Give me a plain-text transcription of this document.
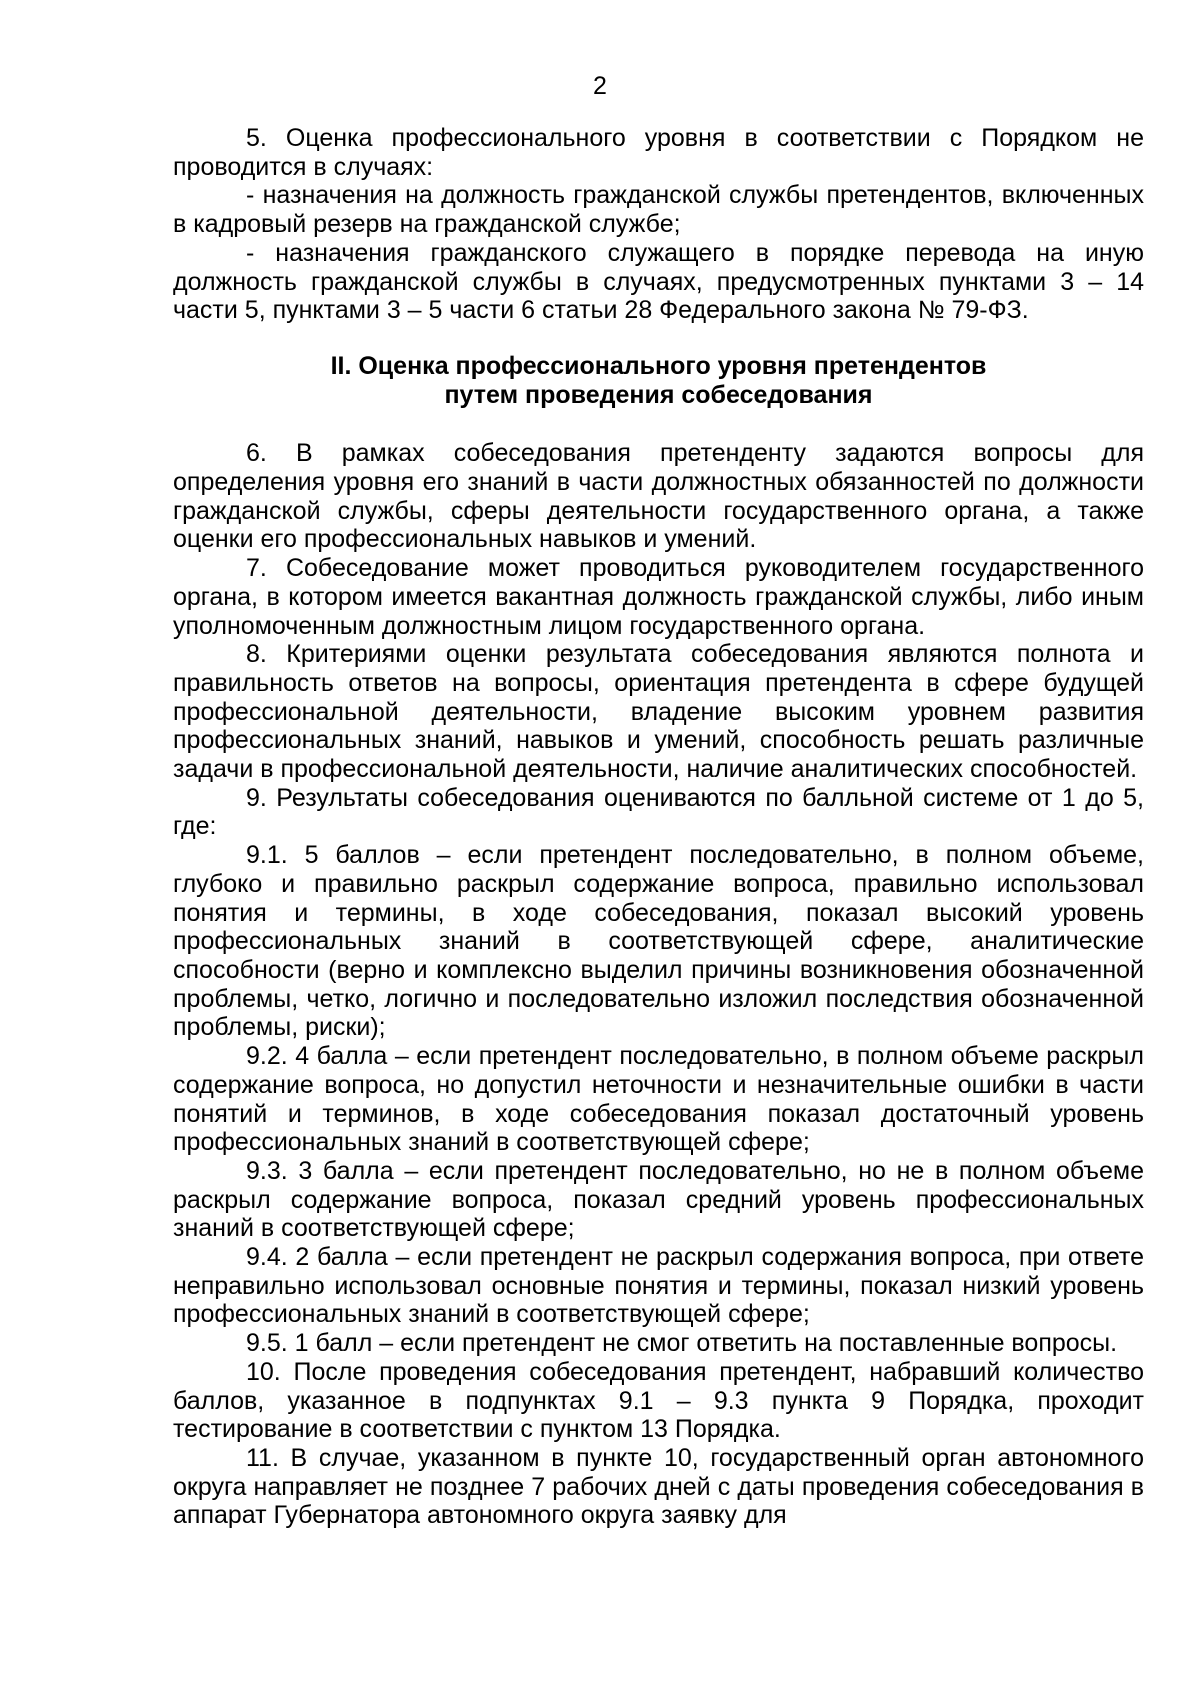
2

5. Оценка профессионального уровня в соответствии с Порядком не проводится в случаях:

- назначения на должность гражданской службы претендентов, включенных в кадровый резерв на гражданской службе;

- назначения гражданского служащего в порядке перевода на иную должность гражданской службы в случаях, предусмотренных пунктами 3 – 14 части 5, пунктами 3 – 5 части 6 статьи 28 Федерального закона № 79-ФЗ.

II. Оценка профессионального уровня претендентов
путем проведения собеседования

6. В рамках собеседования претенденту задаются вопросы для определения уровня его знаний в части должностных обязанностей по должности гражданской службы, сферы деятельности государственного органа, а также оценки его профессиональных навыков и умений.

7. Собеседование может проводиться руководителем государственного органа, в котором имеется вакантная должность гражданской службы, либо иным уполномоченным должностным лицом государственного органа.

8. Критериями оценки результата собеседования являются полнота и правильность ответов на вопросы, ориентация претендента в сфере будущей профессиональной деятельности, владение высоким уровнем развития профессиональных знаний, навыков и умений, способность решать различные задачи в профессиональной деятельности, наличие аналитических способностей.

9. Результаты собеседования оцениваются по балльной системе от 1 до 5, где:

9.1. 5 баллов – если претендент последовательно, в полном объеме, глубоко и правильно раскрыл содержание вопроса, правильно использовал понятия и термины, в ходе собеседования, показал высокий уровень профессиональных знаний в соответствующей сфере, аналитические способности (верно и комплексно выделил причины возникновения обозначенной проблемы, четко, логично и последовательно изложил последствия обозначенной проблемы, риски);

9.2. 4 балла – если претендент последовательно, в полном объеме раскрыл содержание вопроса, но допустил неточности и незначительные ошибки в части понятий и терминов, в ходе собеседования показал достаточный уровень профессиональных знаний в соответствующей сфере;

9.3. 3 балла – если претендент последовательно, но не в полном объеме раскрыл содержание вопроса, показал средний уровень профессиональных знаний в соответствующей сфере;

9.4. 2 балла – если претендент не раскрыл содержания вопроса, при ответе неправильно использовал основные понятия и термины, показал низкий уровень профессиональных знаний в соответствующей сфере;

9.5. 1 балл – если претендент не смог ответить на поставленные вопросы.

10. После проведения собеседования претендент, набравший количество баллов, указанное в подпунктах 9.1 – 9.3 пункта 9 Порядка, проходит тестирование в соответствии с пунктом 13 Порядка.

11. В случае, указанном в пункте 10, государственный орган автономного округа направляет не позднее 7 рабочих дней с даты проведения собеседования в аппарат Губернатора автономного округа заявку для
